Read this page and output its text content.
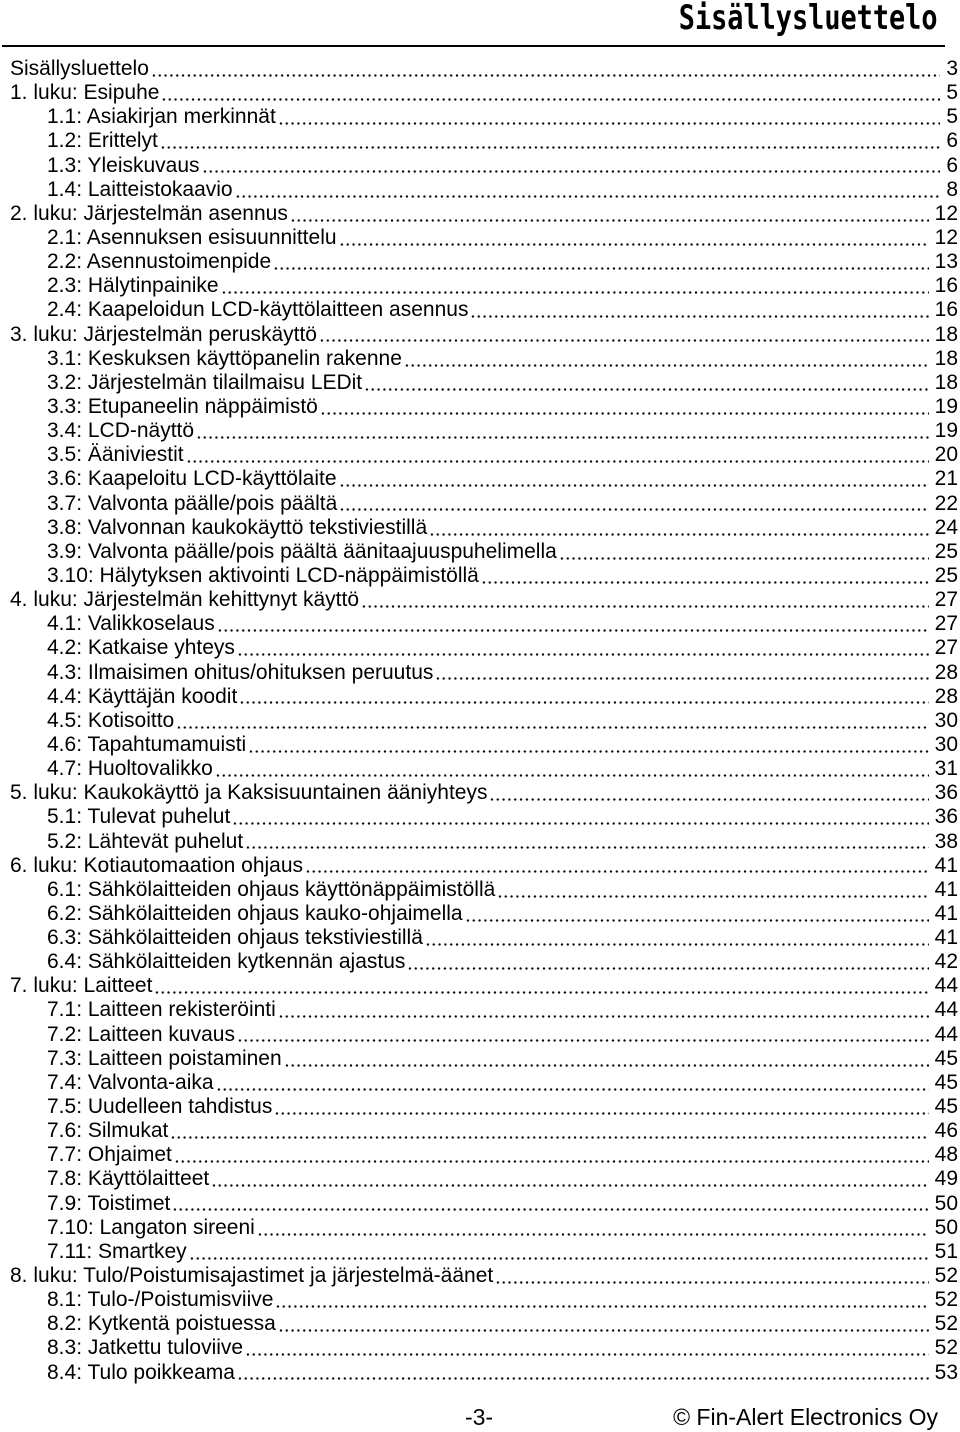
Sisällysluettelo
Sisällysluettelo	3
1. luku: Esipuhe	5
1.1: Asiakirjan merkinnät	5
1.2: Erittelyt	6
1.3: Yleiskuvaus	6
1.4: Laitteistokaavio	8
2. luku: Järjestelmän asennus	12
2.1: Asennuksen esisuunnittelu	12
2.2: Asennustoimenpide	13
2.3: Hälytinpainike	16
2.4: Kaapeloidun LCD-käyttölaitteen asennus	16
3. luku: Järjestelmän peruskäyttö	18
3.1: Keskuksen käyttöpanelin rakenne	18
3.2: Järjestelmän tilailmaisu LEDit	18
3.3: Etupaneelin näppäimistö	19
3.4: LCD-näyttö	19
3.5: Ääniviestit	20
3.6: Kaapeloitu LCD-käyttölaite	21
3.7: Valvonta päälle/pois päältä	22
3.8: Valvonnan kaukokäyttö tekstiviestillä	24
3.9: Valvonta päälle/pois päältä äänitaajuuspuhelimella	25
3.10: Hälytyksen aktivointi LCD-näppäimistöllä	25
4. luku: Järjestelmän kehittynyt käyttö	27
4.1: Valikkoselaus	27
4.2: Katkaise yhteys	27
4.3: Ilmaisimen ohitus/ohituksen peruutus	28
4.4: Käyttäjän koodit	28
4.5: Kotisoitto	30
4.6: Tapahtumamuisti	30
4.7: Huoltovalikko	31
5. luku: Kaukokäyttö ja Kaksisuuntainen ääniyhteys	36
5.1: Tulevat puhelut	36
5.2: Lähtevät puhelut	38
6. luku: Kotiautomaation ohjaus	41
6.1: Sähkölaitteiden ohjaus käyttönäppäimistöllä	41
6.2: Sähkölaitteiden ohjaus kauko-ohjaimella	41
6.3: Sähkölaitteiden ohjaus tekstiviestillä	41
6.4: Sähkölaitteiden kytkennän ajastus	42
7. luku: Laitteet	44
7.1: Laitteen rekisteröinti	44
7.2: Laitteen kuvaus	44
7.3: Laitteen poistaminen	45
7.4: Valvonta-aika	45
7.5: Uudelleen tahdistus	45
7.6: Silmukat	46
7.7: Ohjaimet	48
7.8: Käyttölaitteet	49
7.9: Toistimet	50
7.10: Langaton sireeni	50
7.11: Smartkey	51
8. luku: Tulo/Poistumisajastimet ja järjestelmä-äänet	52
8.1: Tulo-/Poistumisviive	52
8.2: Kytkentä poistuessa	52
8.3: Jatkettu tuloviive	52
8.4: Tulo poikkeama	53
-3-	© Fin-Alert Electronics Oy
